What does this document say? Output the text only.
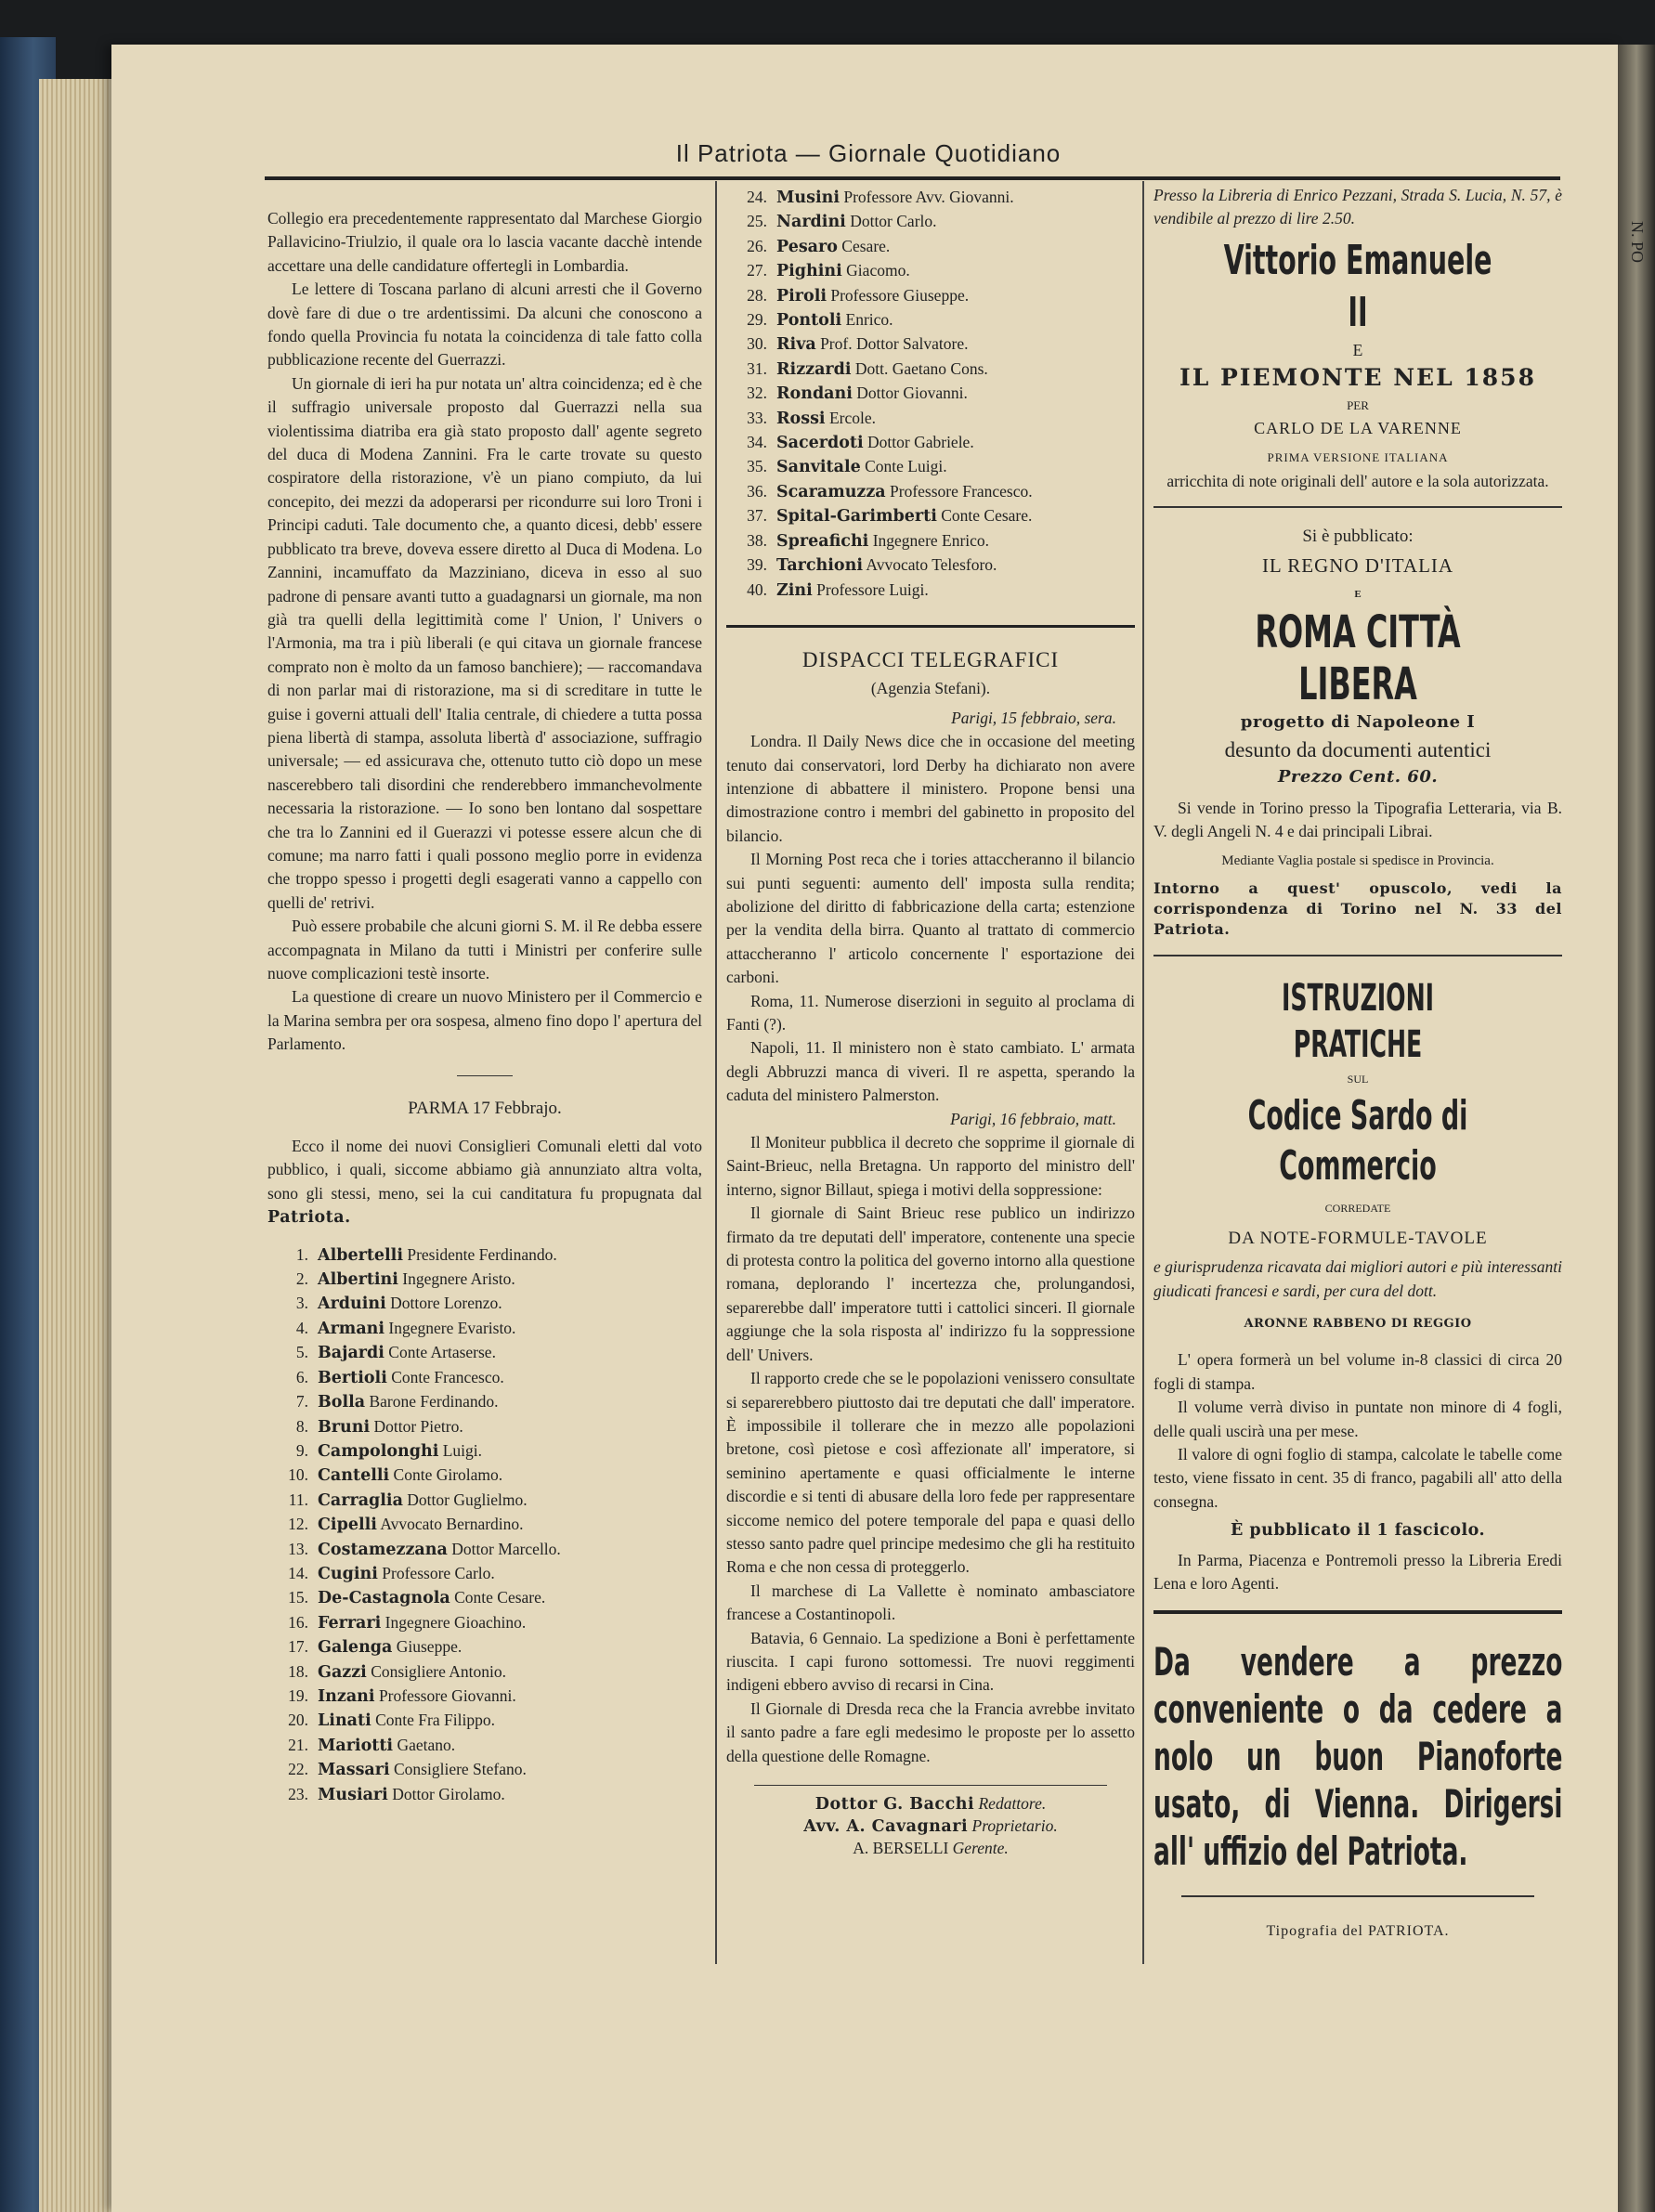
N. PO
Il Patriota — Giornale Quotidiano

Collegio era precedentemente rappresentato dal Marchese Giorgio Pallavicino-Triulzio, il quale ora lo lascia vacante dacchè intende accettare una delle candidature offertegli in Lombardia.

Le lettere di Toscana parlano di alcuni arresti che il Governo dovè fare di due o tre ardentissimi. Da alcuni che conoscono a fondo quella Provincia fu notata la coincidenza di tale fatto colla pubblicazione recente del Guerrazzi.

Un giornale di ieri ha pur notata un' altra coincidenza; ed è che il suffragio universale proposto dal Guerrazzi nella sua violentissima diatriba era già stato proposto dall' agente segreto del duca di Modena Zannini. Fra le carte trovate su questo cospiratore della ristorazione, v'è un piano compiuto, da lui concepito, dei mezzi da adoperarsi per ricondurre sui loro Troni i Principi caduti. Tale documento che, a quanto dicesi, debb' essere pubblicato tra breve, doveva essere diretto al Duca di Modena. Lo Zannini, incamuffato da Mazziniano, diceva in esso al suo padrone di pensare avanti tutto a guadagnarsi un giornale, ma non già tra quelli della legittimità come l' Union, l' Univers o l'Armonia, ma tra i più liberali (e qui citava un giornale francese comprato non è molto da un famoso banchiere); — raccomandava di non parlar mai di ristorazione, ma si di screditare in tutte le guise i governi attuali dell' Italia centrale, di chiedere a tutta possa piena libertà di stampa, assoluta libertà d' associazione, suffragio universale; — ed assicurava che, ottenuto tutto ciò dopo un mese nascerebbero tali disordini che renderebbero immanchevolmente necessaria la ristorazione. — Io sono ben lontano dal sospettare che tra lo Zannini ed il Guerazzi vi potesse essere alcun che di comune; ma narro fatti i quali possono meglio porre in evidenza che troppo spesso i progetti degli esagerati vanno a cappello con quelli de' retrivi.

Può essere probabile che alcuni giorni S. M. il Re debba essere accompagnata in Milano da tutti i Ministri per conferire sulle nuove complicazioni testè insorte.

La questione di creare un nuovo Ministero per il Commercio e la Marina sembra per ora sospesa, almeno fino dopo l' apertura del Parlamento.

PARMA 17 Febbrajo.

Ecco il nome dei nuovi Consiglieri Comunali eletti dal voto pubblico, i quali, siccome abbiamo già annunziato altra volta, sono gli stessi, meno, sei la cui canditatura fu propugnata dal Patriota.

1. Albertelli Presidente Ferdinando.
2. Albertini Ingegnere Aristo.
3. Arduini Dottore Lorenzo.
4. Armani Ingegnere Evaristo.
5. Bajardi Conte Artaserse.
6. Bertioli Conte Francesco.
7. Bolla Barone Ferdinando.
8. Bruni Dottor Pietro.
9. Campolonghi Luigi.
10. Cantelli Conte Girolamo.
11. Carraglia Dottor Guglielmo.
12. Cipelli Avvocato Bernardino.
13. Costamezzana Dottor Marcello.
14. Cugini Professore Carlo.
15. De-Castagnola Conte Cesare.
16. Ferrari Ingegnere Gioachino.
17. Galenga Giuseppe.
18. Gazzi Consigliere Antonio.
19. Inzani Professore Giovanni.
20. Linati Conte Fra Filippo.
21. Mariotti Gaetano.
22. Massari Consigliere Stefano.
23. Musiari Dottor Girolamo.
24. Musini Professore Avv. Giovanni.
25. Nardini Dottor Carlo.
26. Pesaro Cesare.
27. Pighini Giacomo.
28. Piroli Professore Giuseppe.
29. Pontoli Enrico.
30. Riva Prof. Dottor Salvatore.
31. Rizzardi Dott. Gaetano Cons.
32. Rondani Dottor Giovanni.
33. Rossi Ercole.
34. Sacerdoti Dottor Gabriele.
35. Sanvitale Conte Luigi.
36. Scaramuzza Professore Francesco.
37. Spital-Garimberti Conte Cesare.
38. Spreafichi Ingegnere Enrico.
39. Tarchioni Avvocato Telesforo.
40. Zini Professore Luigi.

DISPACCI TELEGRAFICI

(Agenzia Stefani).

Parigi, 15 febbraio, sera.

Londra. Il Daily News dice che in occasione del meeting tenuto dai conservatori, lord Derby ha dichiarato non avere intenzione di abbattere il ministero. Propone bensi una dimostrazione contro i membri del gabinetto in proposito del bilancio.

Il Morning Post reca che i tories attaccheranno il bilancio sui punti seguenti: aumento dell' imposta sulla rendita; abolizione del diritto di fabbricazione della carta; estenzione per la vendita della birra. Quanto al trattato di commercio attaccheranno l' articolo concernente l' esportazione dei carboni.

Roma, 11. Numerose diserzioni in seguito al proclama di Fanti (?).

Napoli, 11. Il ministero non è stato cambiato. L' armata degli Abbruzzi manca di viveri. Il re aspetta, sperando la caduta del ministero Palmerston.

Parigi, 16 febbraio, matt.

Il Moniteur pubblica il decreto che sopprime il giornale di Saint-Brieuc, nella Bretagna. Un rapporto del ministro dell' interno, signor Billaut, spiega i motivi della soppressione:

Il giornale di Saint Brieuc rese publico un indirizzo firmato da tre deputati dell' imperatore, contenente una specie di protesta contro la politica del governo intorno alla questione romana, deplorando l' incertezza che, prolungandosi, separerebbe dall' imperatore tutti i cattolici sinceri. Il giornale aggiunge che la sola risposta al' indirizzo fu la soppressione dell' Univers.

Il rapporto crede che se le popolazioni venissero consultate si separerebbero piuttosto dai tre deputati che dall' imperatore. È impossibile il tollerare che in mezzo alle popolazioni bretone, così pietose e così affezionate all' imperatore, si seminino apertamente e quasi officialmente le interne discordie e si tenti di abusare della loro fede per rappresentare siccome nemico del potere temporale del papa e quasi dello stesso santo padre quel principe medesimo che gli ha restituito Roma e che non cessa di proteggerlo.

Il marchese di La Vallette è nominato ambasciatore francese a Costantinopoli.

Batavia, 6 Gennaio. La spedizione a Boni è perfettamente riuscita. I capi furono sottomessi. Tre nuovi reggimenti indigeni ebbero avviso di recarsi in Cina.

Il Giornale di Dresda reca che la Francia avrebbe invitato il santo padre a fare egli medesimo le proposte per lo assetto della questione delle Romagne.

Dottor G. Bacchi Redattore.
Avv. A. Cavagnari Proprietario.
A. BERSELLI Gerente.

Presso la Libreria di Enrico Pezzani, Strada S. Lucia, N. 57, è vendibile al prezzo di lire 2.50.

Vittorio Emanuele II
E
IL PIEMONTE NEL 1858
PER
CARLO DE LA VARENNE
PRIMA VERSIONE ITALIANA
arricchita di note originali dell' autore e la sola autorizzata.
Si è pubblicato:
IL REGNO D'ITALIA
E
ROMA CITTÀ LIBERA
progetto di Napoleone I
desunto da documenti autentici
Prezzo Cent. 60.

Si vende in Torino presso la Tipografia Letteraria, via B. V. degli Angeli N. 4 e dai principali Librai.

Mediante Vaglia postale si spedisce in Provincia.

Intorno a quest' opuscolo, vedi la corrispondenza di Torino nel N. 33 del Patriota.

ISTRUZIONI PRATICHE
SUL
Codice Sardo di Commercio
CORREDATE
DA NOTE-FORMULE-TAVOLE

e giurisprudenza ricavata dai migliori autori e più interessanti giudicati francesi e sardi, per cura del dott.

ARONNE RABBENO DI REGGIO

L' opera formerà un bel volume in-8 classici di circa 20 fogli di stampa.

Il volume verrà diviso in puntate non minore di 4 fogli, delle quali uscirà una per mese.

Il valore di ogni foglio di stampa, calcolate le tabelle come testo, viene fissato in cent. 35 di franco, pagabili all' atto della consegna.

È pubblicato il 1 fascicolo.

In Parma, Piacenza e Pontremoli presso la Libreria Eredi Lena e loro Agenti.

Da vendere a prezzo conveniente o da cedere a nolo un buon Pianoforte usato, di Vienna. Dirigersi all' uffizio del Patriota.
Tipografia del PATRIOTA.
